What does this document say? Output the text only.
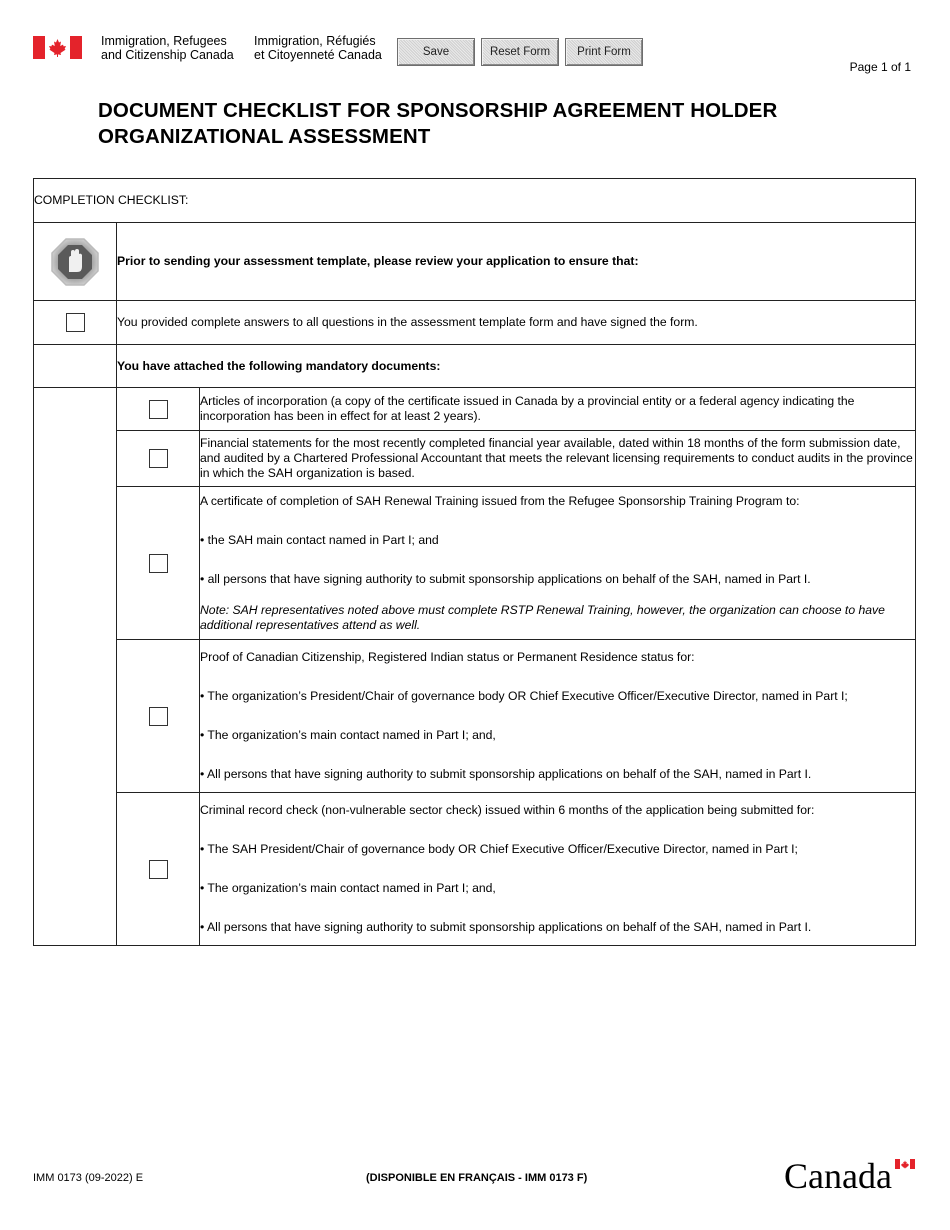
Immigration, Refugees
and Citizenship Canada
Immigration, Réfugiés
et Citoyenneté Canada	Save	Reset Form	Print Form
Page 1 of 1
DOCUMENT CHECKLIST FOR SPONSORSHIP AGREEMENT HOLDER
ORGANIZATIONAL ASSESSMENT
COMPLETION CHECKLIST:		
	Prior to sending your assessment template, please review your application to ensure that:	
	You provided complete answers to all questions in the assessment template form and have signed the form.	
	You have attached the following mandatory documents:	
		Articles of incorporation (a copy of the certificate issued in Canada by a provincial entity or a federal agency indicating the incorporation has been in effect for at least 2 years).
		Financial statements for the most recently completed financial year available, dated within 18 months of the form submission date, and audited by a Chartered Professional Accountant that meets the relevant licensing requirements to conduct audits in the province in which the SAH organization is based.

		A certificate of completion of SAH Renewal Training issued from the Refugee Sponsorship Training Program to:
• the SAH main contact named in Part I; and
• all persons that have signing authority to submit sponsorship applications on behalf of the SAH, named in Part I.
Note: SAH representatives noted above must complete RSTP Renewal Training, however, the organization can choose to have additional representatives attend as well.

		Proof of Canadian Citizenship, Registered Indian status or Permanent Residence status for:
• The organization’s President/Chair of governance body OR Chief Executive Officer/Executive Director, named in Part I;
• The organization’s main contact named in Part I; and,
• All persons that have signing authority to submit sponsorship applications on behalf of the SAH, named in Part I.

		Criminal record check (non-vulnerable sector check) issued within 6 months of the application being submitted for:
• The SAH President/Chair of governance body OR Chief Executive Officer/Executive Director, named in Part I;
• The organization’s main contact named in Part I; and,
• All persons that have signing authority to submit sponsorship applications on behalf of the SAH, named in Part I.
IMM 0173 (09-2022) E	(DISPONIBLE EN FRANÇAIS - IMM 0173 F)	Canada
